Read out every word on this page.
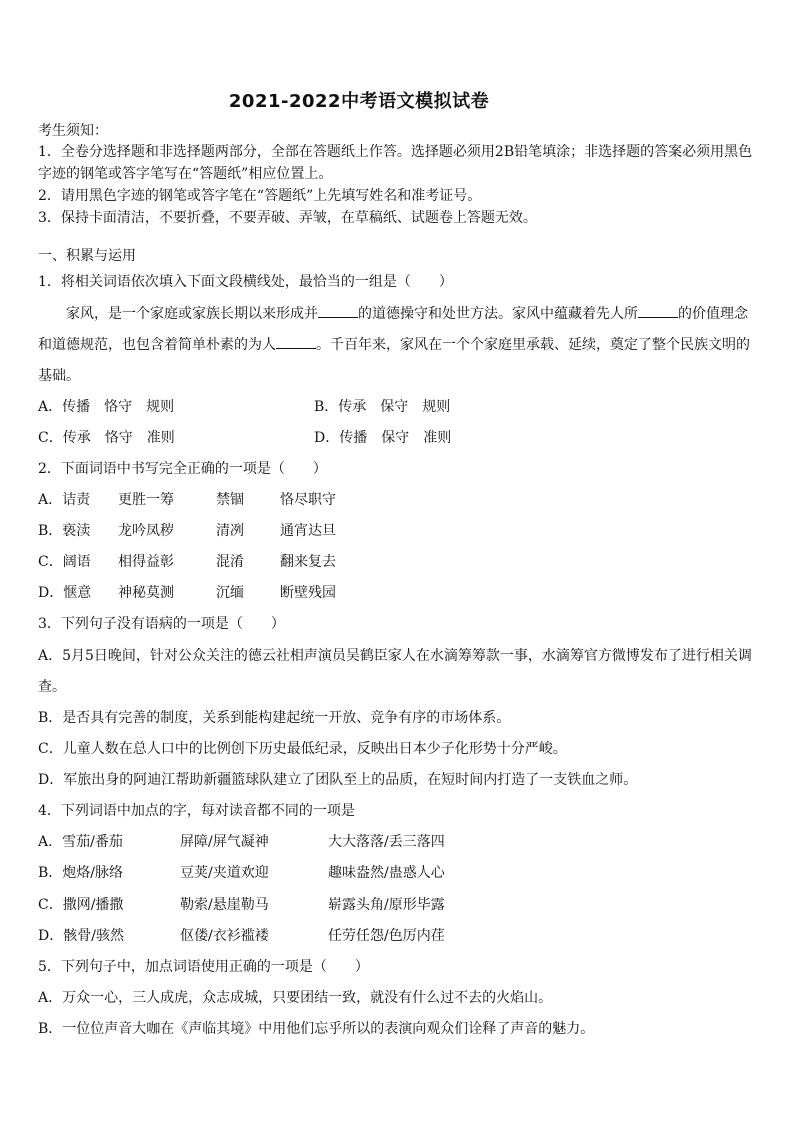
2021-2022中考语文模拟试卷
考生须知：
1．全卷分选择题和非选择题两部分，全部在答题纸上作答。选择题必须用2B铅笔填涂；非选择题的答案必须用黑色
字迹的钢笔或答字笔写在“答题纸”相应位置上。
2．请用黑色字迹的钢笔或答字笔在“答题纸”上先填写姓名和准考证号。
3．保持卡面清洁，不要折叠，不要弄破、弄皱，在草稿纸、试题卷上答题无效。
一、积累与运用
1．将相关词语依次填入下面文段横线处，最恰当的一组是（　　）
家风，是一个家庭或家族长期以来形成并	的道德操守和处世方法。家风中蕴藏着先人所	的价值理念
和道德规范，也包含着简单朴素的为人	。千百年来，家风在一个个家庭里承载、延续，奠定了整个民族文明的
基础。
A．传播　恪守　规则	B．传承　保守　规则
C．传承　恪守　准则	D．传播　保守　准则
2．下面词语中书写完全正确的一项是（　　）
A．诘责 更胜一筹	禁锢	恪尽职守
B．亵渎 龙吟凤秽	清冽	通宵达旦
C．阔语 相得益彰	混淆	翻来复去
D．惬意 神秘莫测	沉缅	断壁残园
3．下列句子没有语病的一项是（　　）
A．5月5日晚间，针对公众关注的德云社相声演员吴鹤臣家人在水滴筹筹款一事，水滴筹官方微博发布了进行相关调
查。
B．是否具有完善的制度，关系到能构建起统一开放、竞争有序的市场体系。
C．儿童人数在总人口中的比例创下历史最低纪录，反映出日本少子化形势十分严峻。
D．军旅出身的阿迪江帮助新疆篮球队建立了团队至上的品质，在短时间内打造了一支铁血之师。
4．下列词语中加点的字，每对读音都不同的一项是
A．雪茄/番茄	屏障/屏气凝神	大大落落/丢三落四
B．炮烙/脉络	豆荚/夹道欢迎	趣味盎然/蛊惑人心
C．撒网/播撒	勒索/悬崖勒马	崭露头角/原形毕露
D．骸骨/骇然	伛偻/衣衫褴褛	任劳任怨/色厉内荏
5．下列句子中，加点词语使用正确的一项是（　　）
A．万众一心，三人成虎，众志成城，只要团结一致，就没有什么过不去的火焰山。
B．一位位声音大咖在《声临其境》中用他们忘乎所以的表演向观众们诠释了声音的魅力。
